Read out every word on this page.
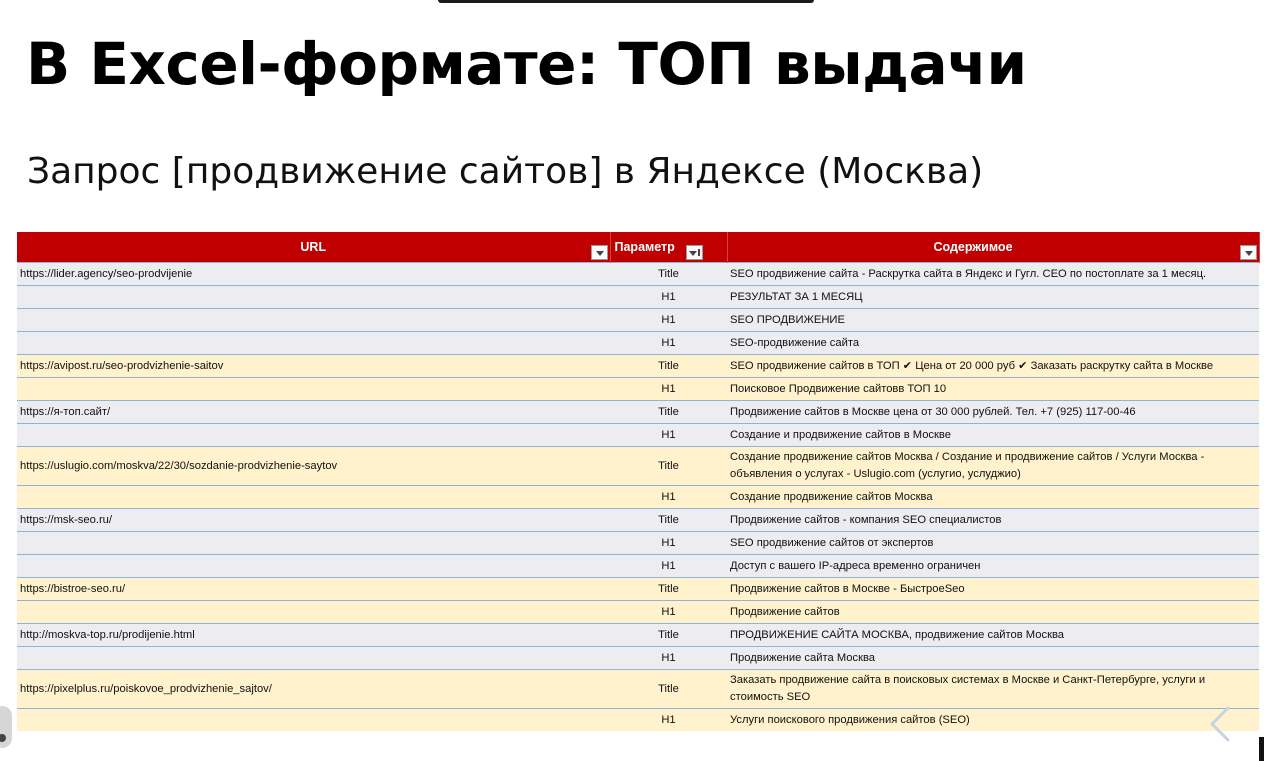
В Excel-формате: ТОП выдачи
Запрос [продвижение сайтов] в Яндексе (Москва)
URL	Параметр	Содержимое

https://lider.agency/seo-prodvijenie	Title	SEO продвижение сайта - Раскрутка сайта в Яндекс и Гугл. СЕО по постоплате за 1 месяц.
	H1	РЕЗУЛЬТАТ ЗА 1 МЕСЯЦ
	H1	SEO ПРОДВИЖЕНИЕ
	H1	SEO-продвижение сайта
https://avipost.ru/seo-prodvizhenie-saitov	Title	SEO продвижение сайтов в ТОП ✔ Цена от 20 000 руб ✔ Заказать раскрутку сайта в Москве
	H1	Поисковое Продвижение сайтовв ТОП 10
https://я-топ.сайт/	Title	Продвижение сайтов в Москве цена от 30 000 рублей. Тел. +7 (925) 117-00-46
	H1	Создание и продвижение сайтов в Москве
https://uslugio.com/moskva/22/30/sozdanie-prodvizhenie-saytov	Title	Создание продвижение сайтов Москва / Создание и продвижение сайтов / Услуги Москва - объявления о услугах - Uslugio.com (услугио, услуджио)
	H1	Создание продвижение сайтов Москва
https://msk-seo.ru/	Title	Продвижение сайтов - компания SEO специалистов
	H1	SEO продвижение сайтов от экспертов
	H1	Доступ с вашего IP-адреса временно ограничен
https://bistroe-seo.ru/	Title	Продвижение сайтов в Москве - БыстроеSeo
	H1	Продвижение сайтов
http://moskva-top.ru/prodijenie.html	Title	ПРОДВИЖЕНИЕ САЙТА МОСКВА, продвижение сайтов Москва
	H1	Продвижение сайта Москва
https://pixelplus.ru/poiskovoe_prodvizhenie_sajtov/	Title	Заказать продвижение сайта в поисковых системах в Москве и Санкт-Петербурге, услуги и стоимость SEO
	H1	Услуги поискового продвижения сайтов (SEO)
